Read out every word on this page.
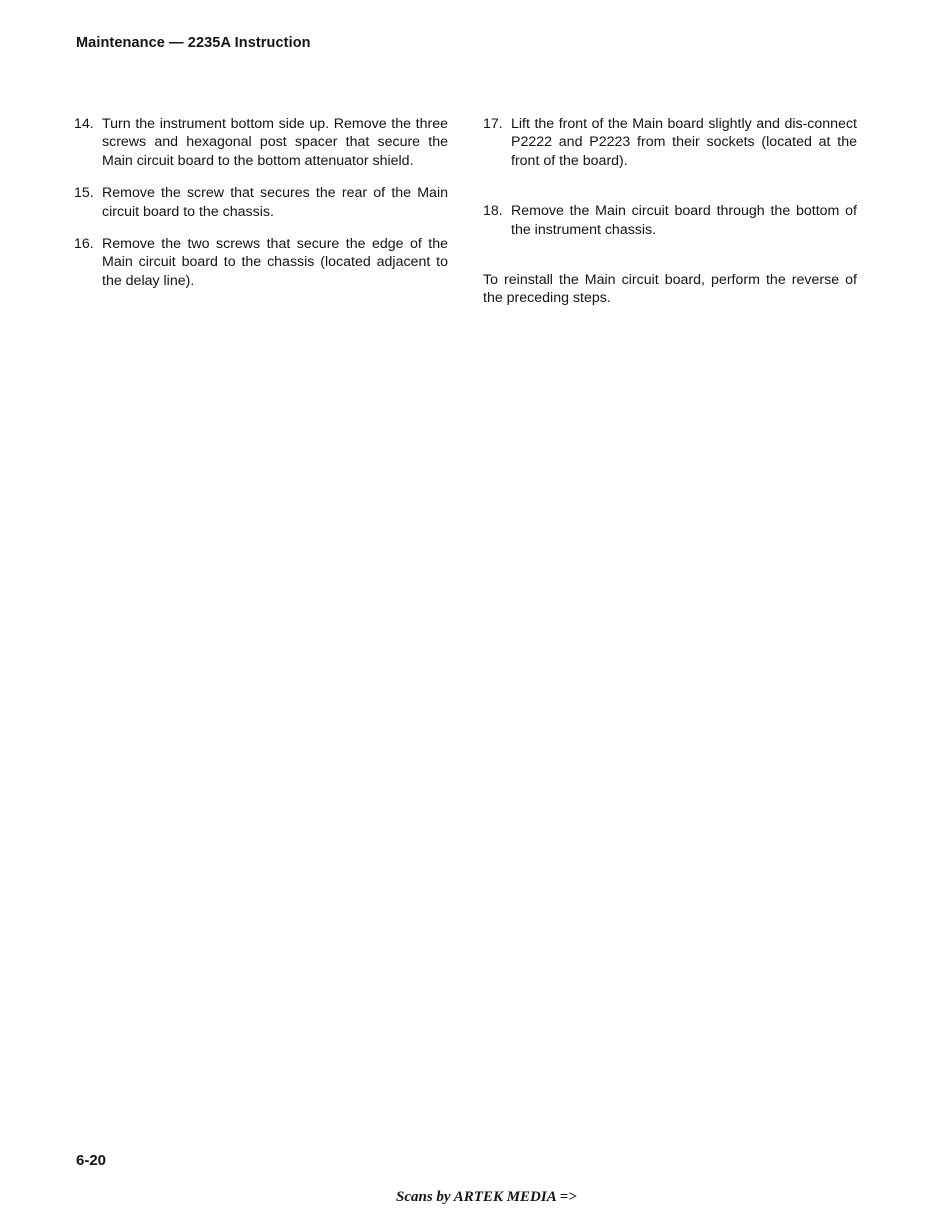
Maintenance — 2235A Instruction
14. Turn the instrument bottom side up. Remove the three screws and hexagonal post spacer that secure the Main circuit board to the bottom attenuator shield.
15. Remove the screw that secures the rear of the Main circuit board to the chassis.
16. Remove the two screws that secure the edge of the Main circuit board to the chassis (located adjacent to the delay line).
17. Lift the front of the Main board slightly and dis-connect P2222 and P2223 from their sockets (located at the front of the board).
18. Remove the Main circuit board through the bottom of the instrument chassis.
To reinstall the Main circuit board, perform the reverse of the preceding steps.
6-20
Scans by ARTEK MEDIA =>
